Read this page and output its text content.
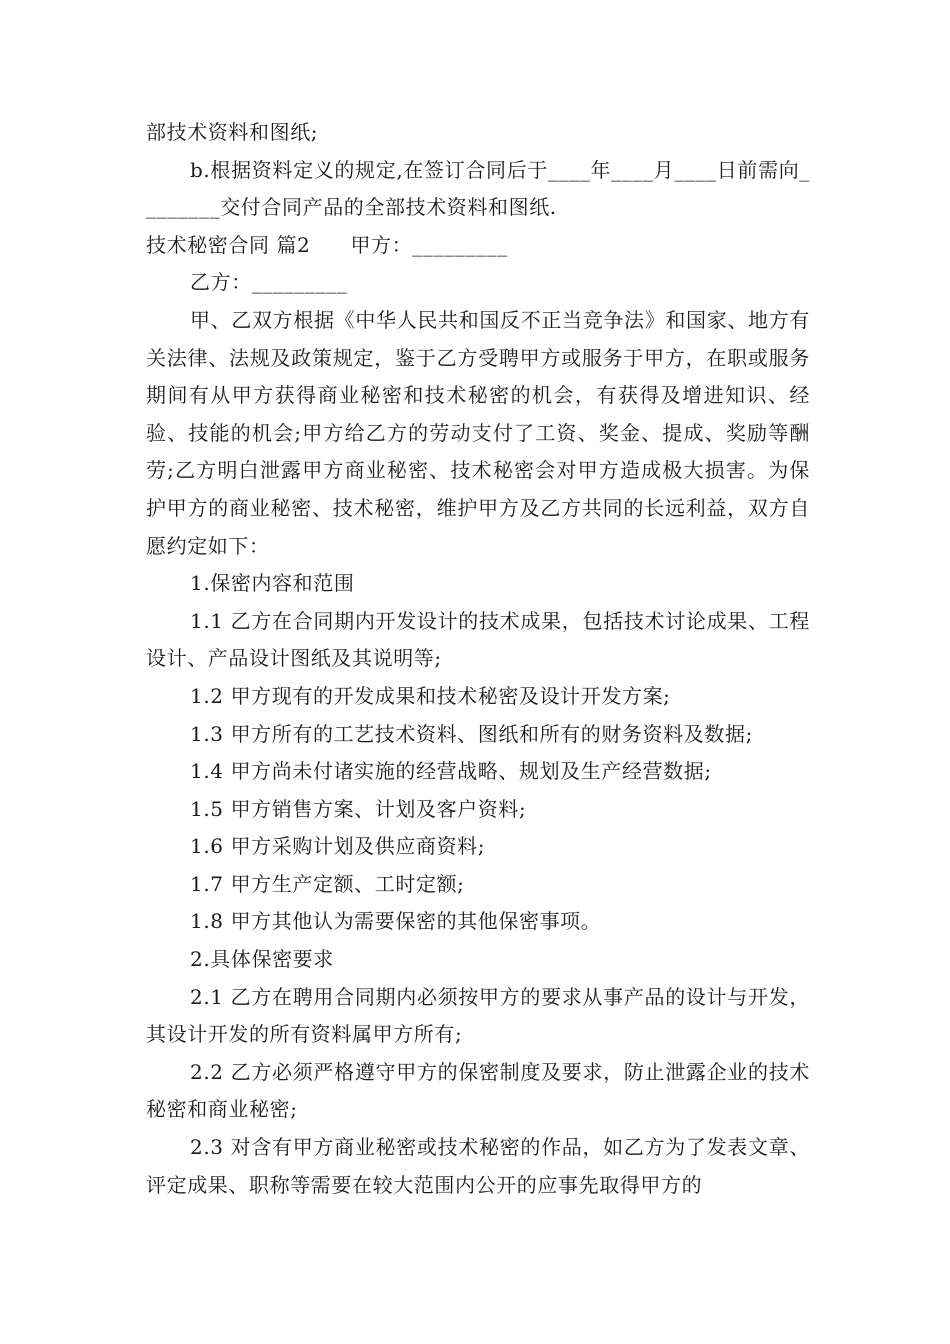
部技术资料和图纸;

b.根据资料定义的规定,在签订合同后于____年____月____日前需向________交付合同产品的全部技术资料和图纸.

技术秘密合同 篇2 甲方：_________

乙方：_________

甲、乙双方根据《中华人民共和国反不正当竞争法》和国家、地方有关法律、法规及政策规定，鉴于乙方受聘甲方或服务于甲方，在职或服务期间有从甲方获得商业秘密和技术秘密的机会，有获得及增进知识、经验、技能的机会;甲方给乙方的劳动支付了工资、奖金、提成、奖励等酬劳;乙方明白泄露甲方商业秘密、技术秘密会对甲方造成极大损害。为保护甲方的商业秘密、技术秘密，维护甲方及乙方共同的长远利益，双方自愿约定如下：

1.保密内容和范围

1.1 乙方在合同期内开发设计的技术成果，包括技术讨论成果、工程设计、产品设计图纸及其说明等;

1.2 甲方现有的开发成果和技术秘密及设计开发方案;

1.3 甲方所有的工艺技术资料、图纸和所有的财务资料及数据;

1.4 甲方尚未付诸实施的经营战略、规划及生产经营数据;

1.5 甲方销售方案、计划及客户资料;

1.6 甲方采购计划及供应商资料;

1.7 甲方生产定额、工时定额;

1.8 甲方其他认为需要保密的其他保密事项。

2.具体保密要求

2.1 乙方在聘用合同期内必须按甲方的要求从事产品的设计与开发，其设计开发的所有资料属甲方所有;

2.2 乙方必须严格遵守甲方的保密制度及要求，防止泄露企业的技术秘密和商业秘密;

2.3 对含有甲方商业秘密或技术秘密的作品，如乙方为了发表文章、评定成果、职称等需要在较大范围内公开的应事先取得甲方的
